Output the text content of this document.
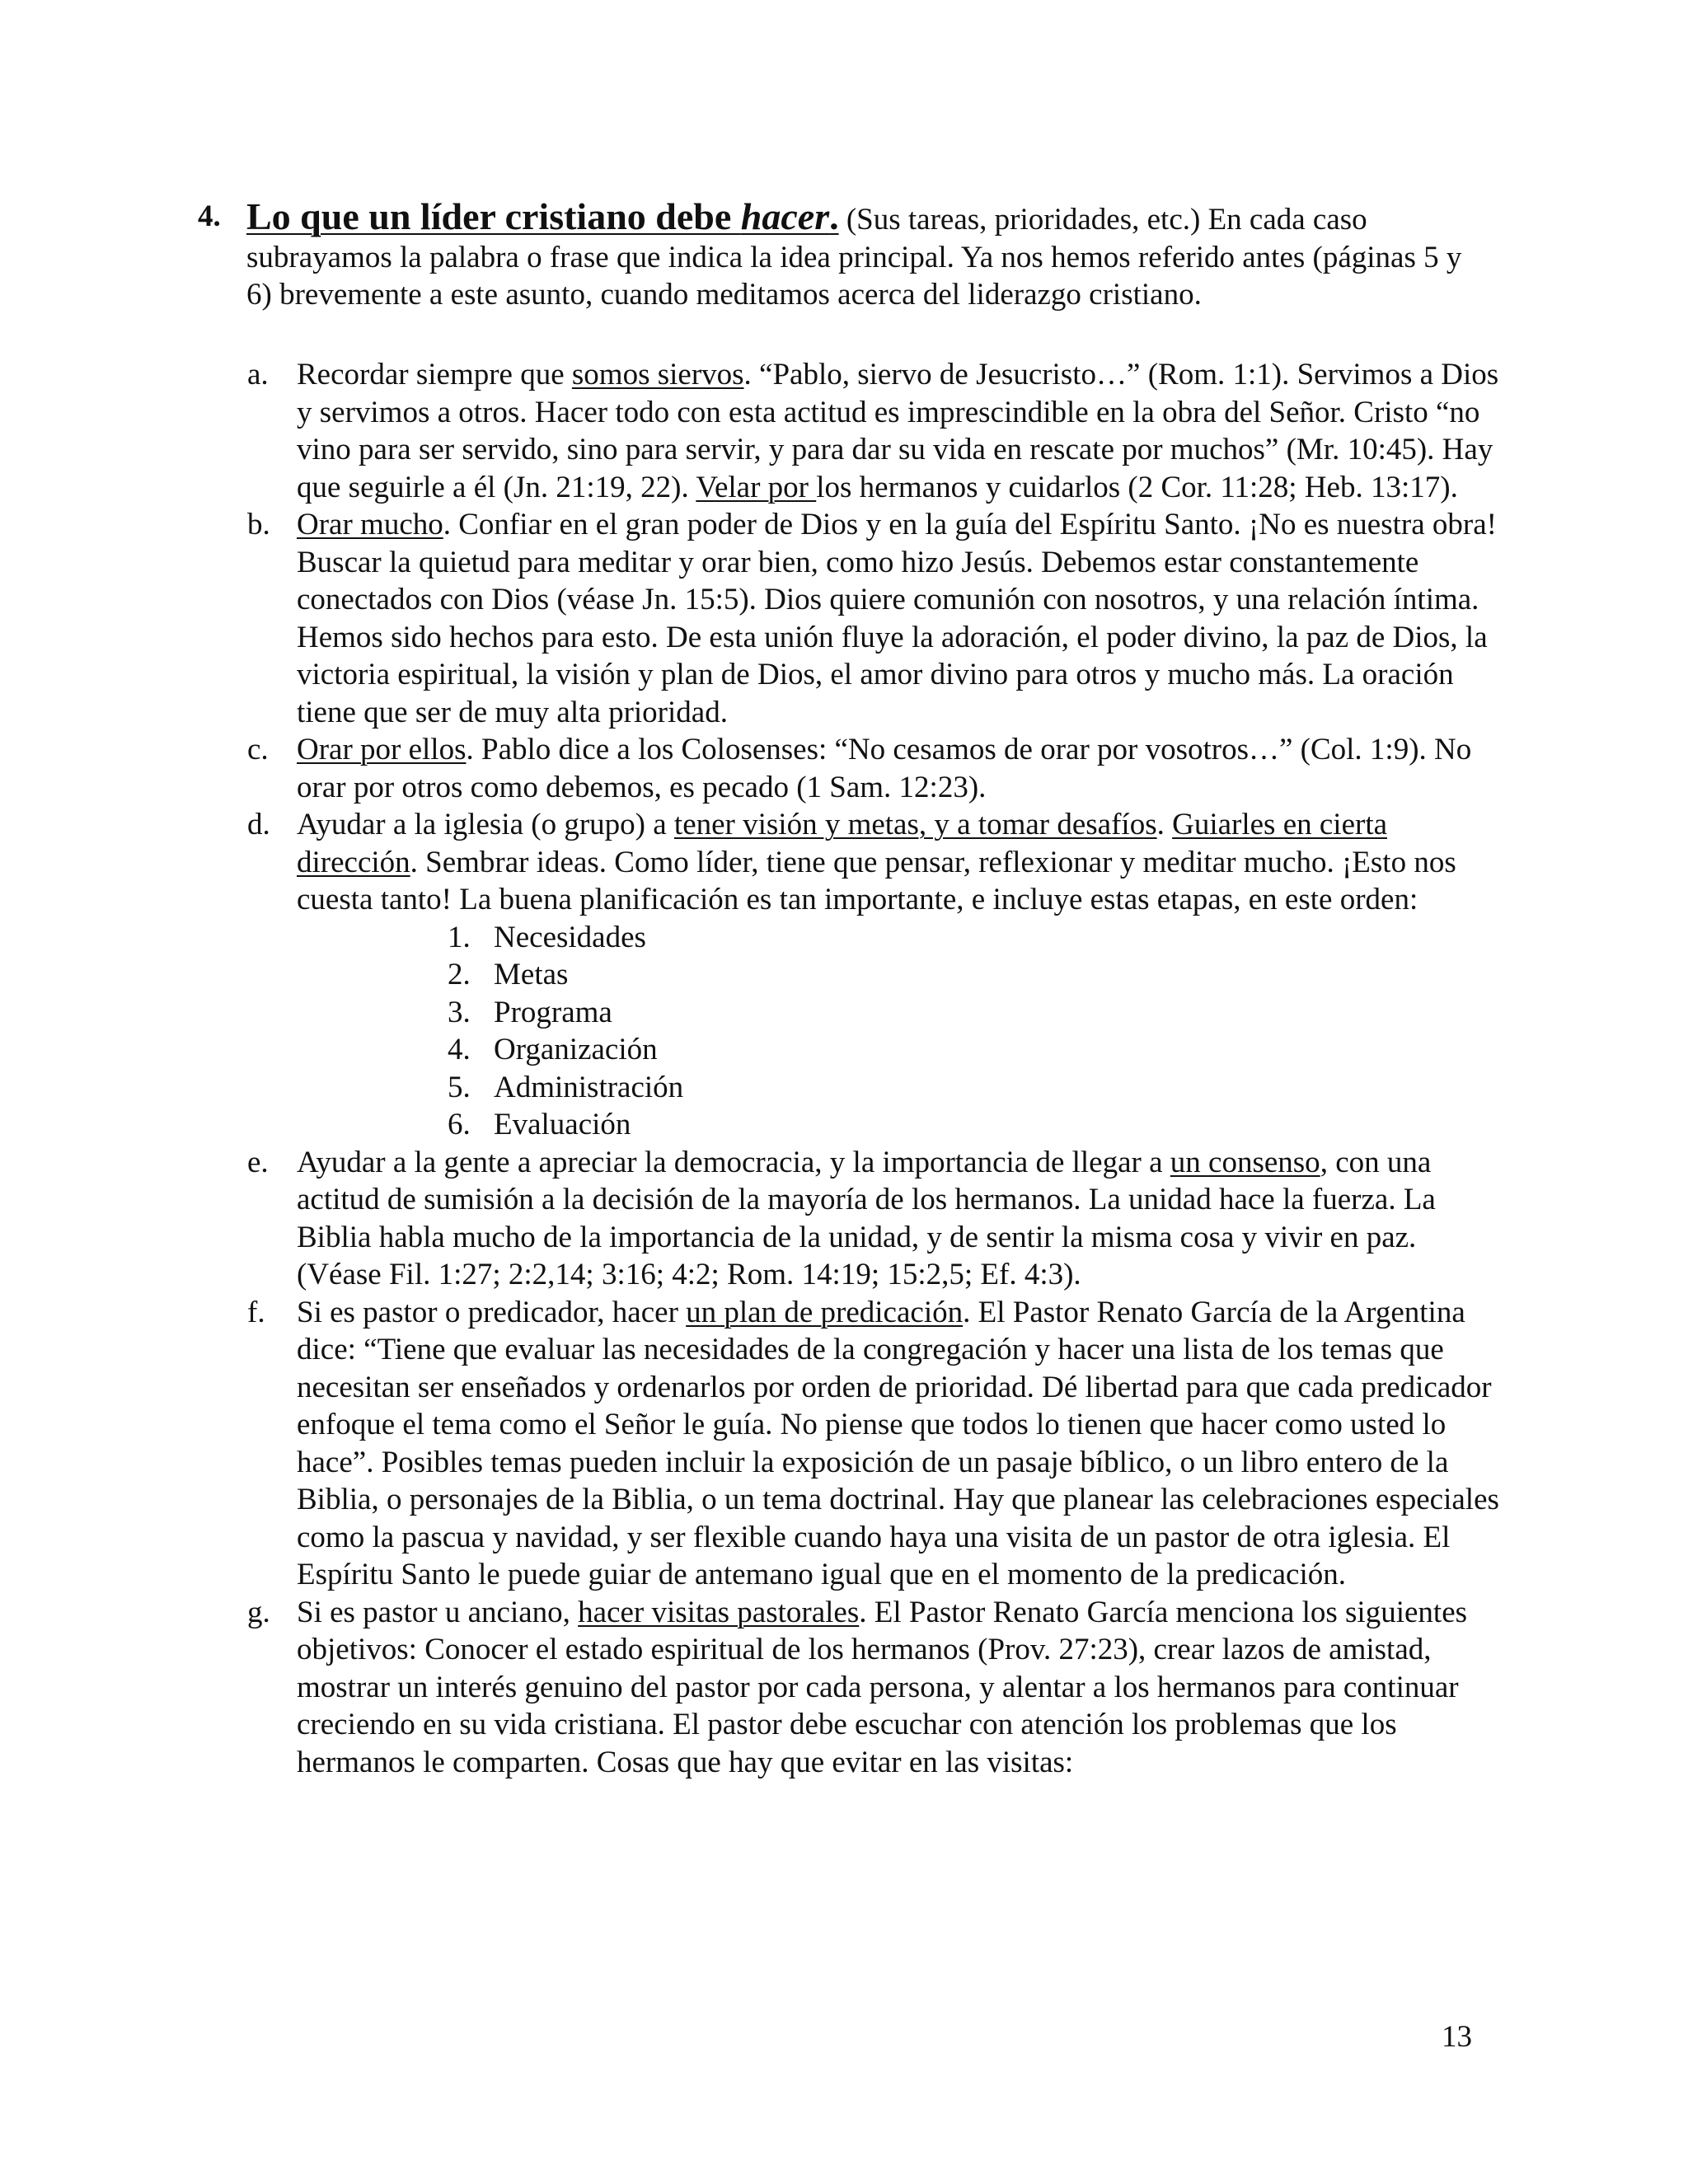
4. Lo que un líder cristiano debe hacer. (Sus tareas, prioridades, etc.) En cada caso subrayamos la palabra o frase que indica la idea principal. Ya nos hemos referido antes (páginas 5 y 6) brevemente a este asunto, cuando meditamos acerca del liderazgo cristiano.
a. Recordar siempre que somos siervos. “Pablo, siervo de Jesucristo…” (Rom. 1:1). Servimos a Dios y servimos a otros. Hacer todo con esta actitud es imprescindible en la obra del Señor. Cristo “no vino para ser servido, sino para servir, y para dar su vida en rescate por muchos” (Mr. 10:45). Hay que seguirle a él (Jn. 21:19, 22). Velar por los hermanos y cuidarlos (2 Cor. 11:28; Heb. 13:17).
b. Orar mucho. Confiar en el gran poder de Dios y en la guía del Espíritu Santo. ¡No es nuestra obra! Buscar la quietud para meditar y orar bien, como hizo Jesús. Debemos estar constantemente conectados con Dios (véase Jn. 15:5). Dios quiere comunión con nosotros, y una relación íntima. Hemos sido hechos para esto. De esta unión fluye la adoración, el poder divino, la paz de Dios, la victoria espiritual, la visión y plan de Dios, el amor divino para otros y mucho más. La oración tiene que ser de muy alta prioridad.
c. Orar por ellos. Pablo dice a los Colosenses: “No cesamos de orar por vosotros…” (Col. 1:9). No orar por otros como debemos, es pecado (1 Sam. 12:23).
d. Ayudar a la iglesia (o grupo) a tener visión y metas, y a tomar desafíos. Guiarles en cierta dirección. Sembrar ideas. Como líder, tiene que pensar, reflexionar y meditar mucho. ¡Esto nos cuesta tanto! La buena planificación es tan importante, e incluye estas etapas, en este orden:
1. Necesidades
2. Metas
3. Programa
4. Organización
5. Administración
6. Evaluación
e. Ayudar a la gente a apreciar la democracia, y la importancia de llegar a un consenso, con una actitud de sumisión a la decisión de la mayoría de los hermanos. La unidad hace la fuerza. La Biblia habla mucho de la importancia de la unidad, y de sentir la misma cosa y vivir en paz. (Véase Fil. 1:27; 2:2,14; 3:16; 4:2; Rom. 14:19; 15:2,5; Ef. 4:3).
f. Si es pastor o predicador, hacer un plan de predicación. El Pastor Renato García de la Argentina dice: “Tiene que evaluar las necesidades de la congregación y hacer una lista de los temas que necesitan ser enseñados y ordenarlos por orden de prioridad. Dé libertad para que cada predicador enfoque el tema como el Señor le guía. No piense que todos lo tienen que hacer como usted lo hace”. Posibles temas pueden incluir la exposición de un pasaje bíblico, o un libro entero de la Biblia, o personajes de la Biblia, o un tema doctrinal. Hay que planear las celebraciones especiales como la pascua y navidad, y ser flexible cuando haya una visita de un pastor de otra iglesia. El Espíritu Santo le puede guiar de antemano igual que en el momento de la predicación.
g. Si es pastor u anciano, hacer visitas pastorales. El Pastor Renato García menciona los siguientes objetivos: Conocer el estado espiritual de los hermanos (Prov. 27:23), crear lazos de amistad, mostrar un interés genuino del pastor por cada persona, y alentar a los hermanos para continuar creciendo en su vida cristiana. El pastor debe escuchar con atención los problemas que los hermanos le comparten. Cosas que hay que evitar en las visitas:
13
